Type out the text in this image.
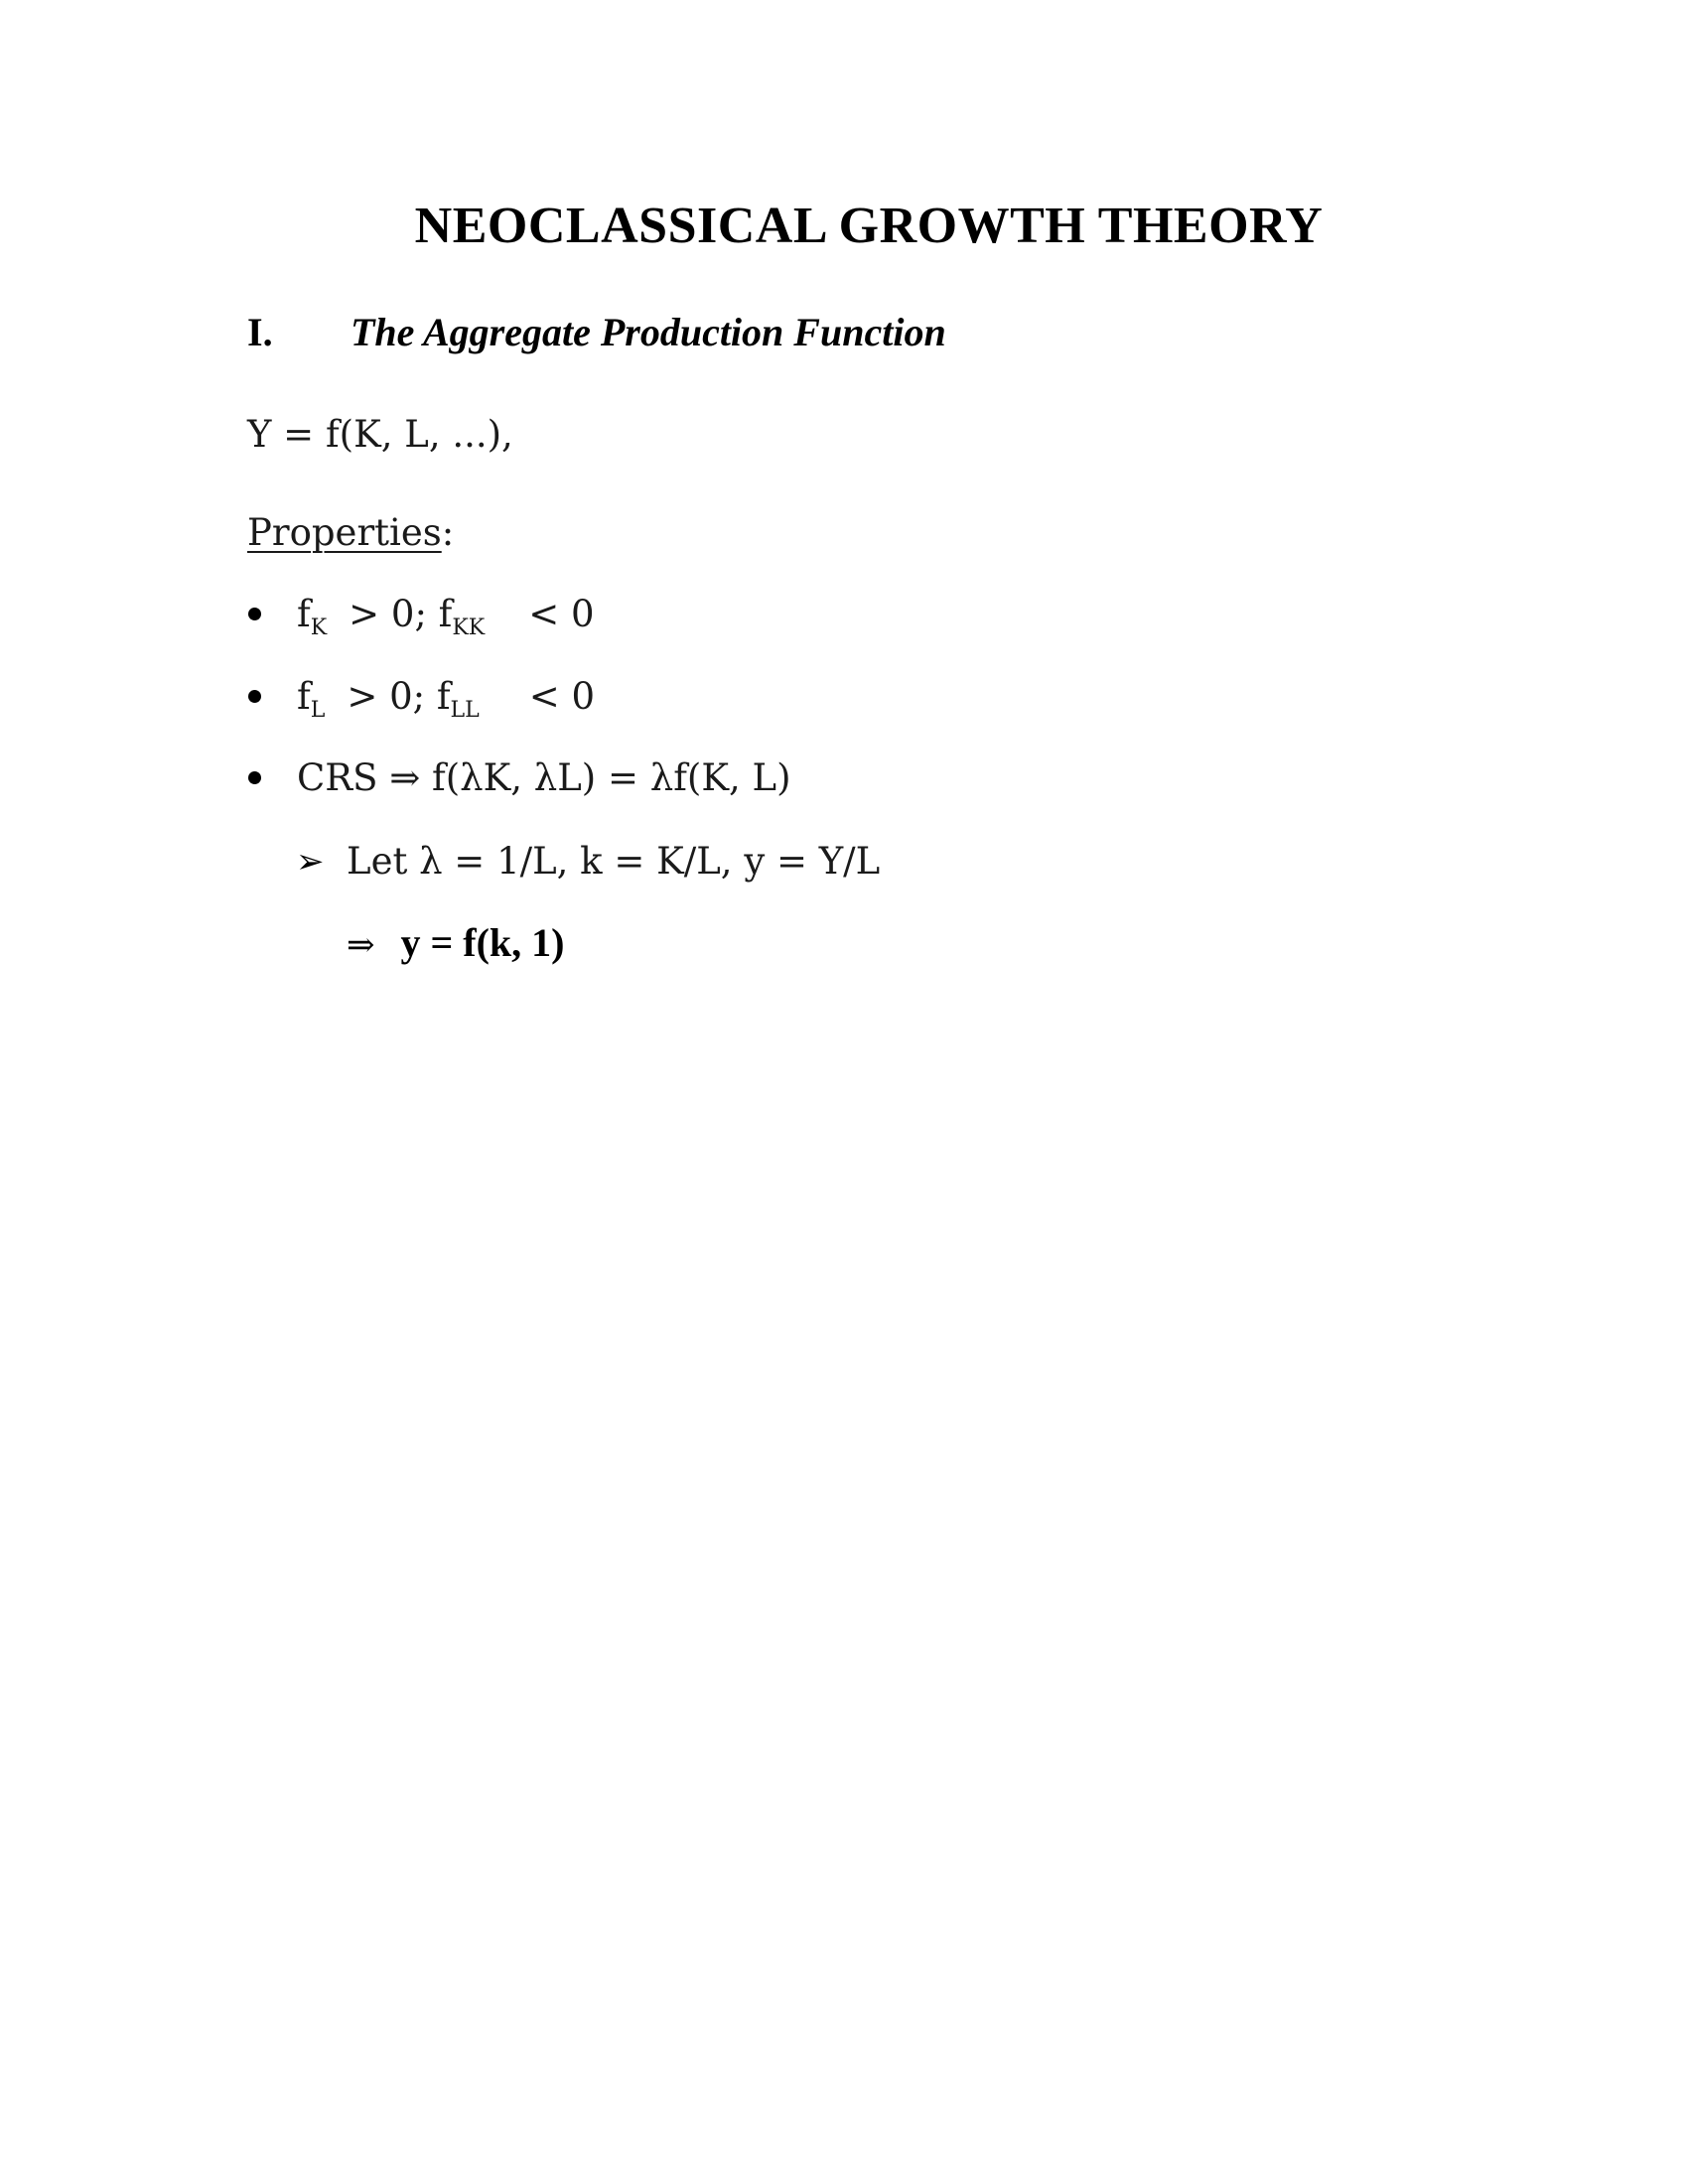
NEOCLASSICAL GROWTH THEORY
I. The Aggregate Production Function
Y = f(K, L, ...),
Properties:
$f_K > 0$; $f_{KK} < 0$
$f_L > 0$; $f_{LL} < 0$
CRS ⇒ f(λK, λL) = λf(K, L)
➢ Let λ = 1/L, k = K/L, y = Y/L
⇒ y = f(k, 1)
